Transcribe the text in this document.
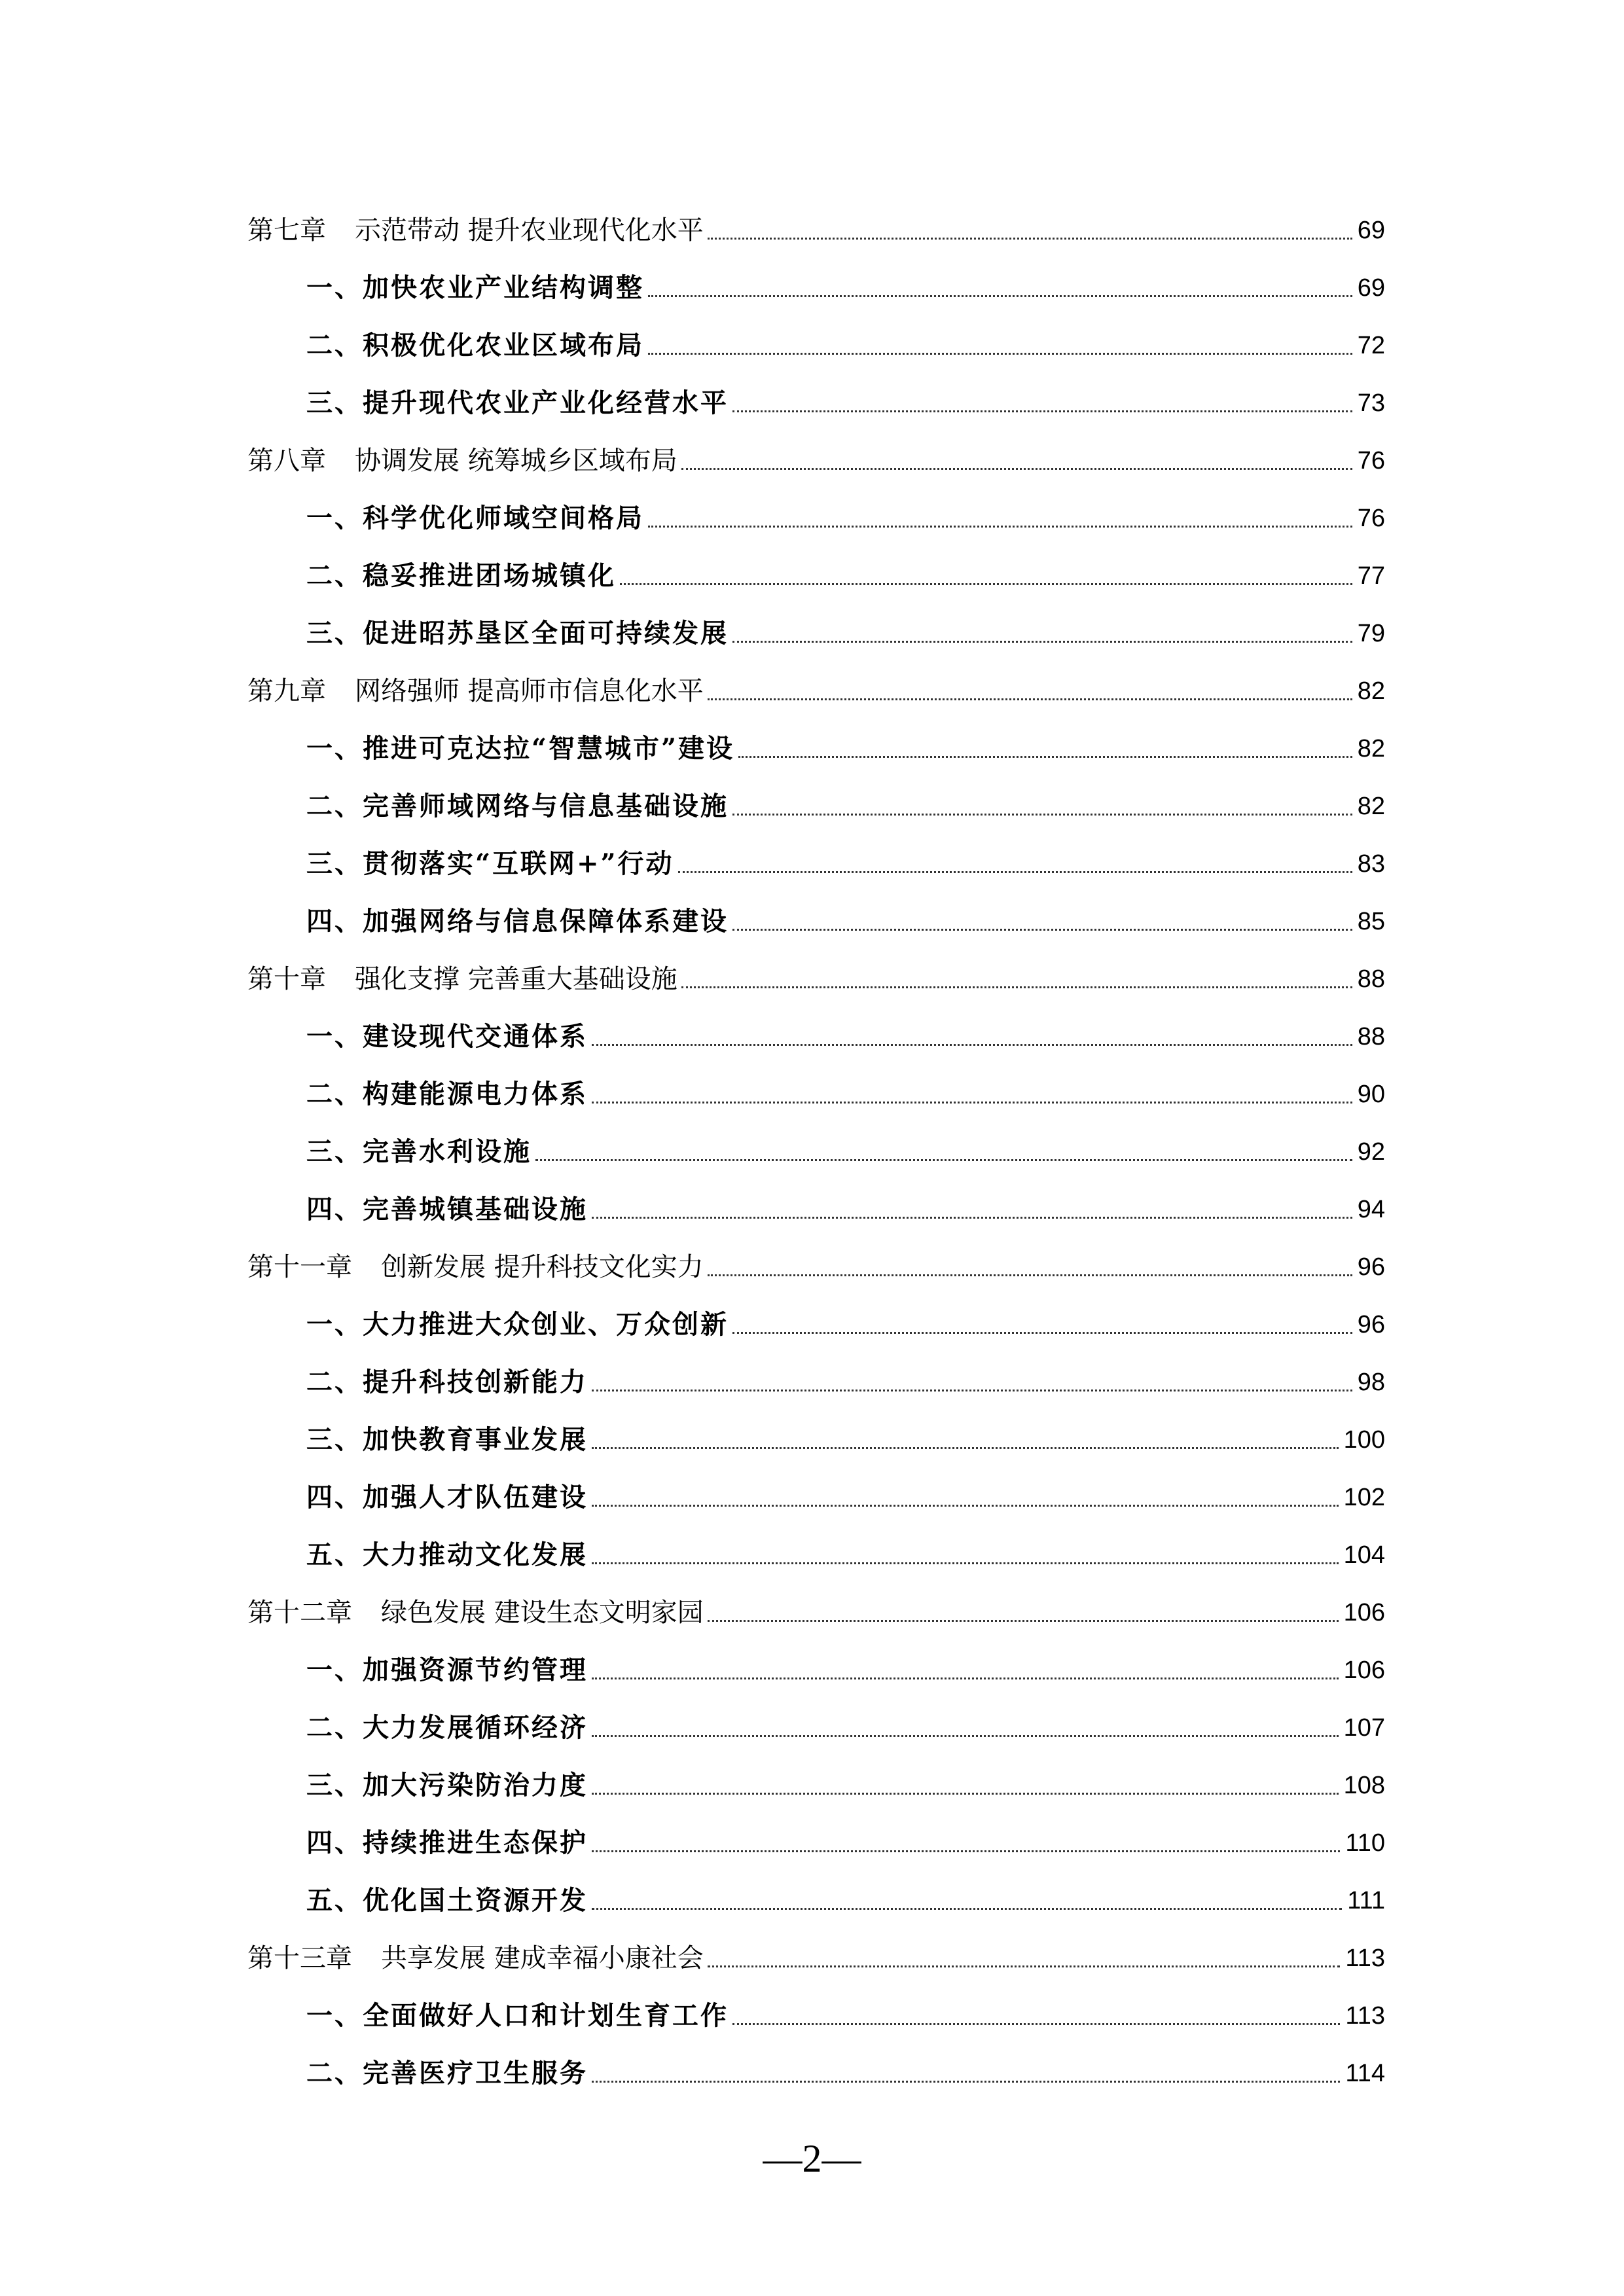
第七章 示范带动 提升农业现代化水平	69
一、加快农业产业结构调整	69
二、积极优化农业区域布局	72
三、提升现代农业产业化经营水平	73
第八章 协调发展 统筹城乡区域布局	76
一、科学优化师域空间格局	76
二、稳妥推进团场城镇化	77
三、促进昭苏垦区全面可持续发展	79
第九章 网络强师 提高师市信息化水平	82
一、推进可克达拉“智慧城市”建设	82
二、完善师域网络与信息基础设施	82
三、贯彻落实“互联网+”行动	83
四、加强网络与信息保障体系建设	85
第十章 强化支撑 完善重大基础设施	88
一、建设现代交通体系	88
二、构建能源电力体系	90
三、完善水利设施	92
四、完善城镇基础设施	94
第十一章 创新发展 提升科技文化实力	96
一、大力推进大众创业、万众创新	96
二、提升科技创新能力	98
三、加快教育事业发展	100
四、加强人才队伍建设	102
五、大力推动文化发展	104
第十二章 绿色发展 建设生态文明家园	106
一、加强资源节约管理	106
二、大力发展循环经济	107
三、加大污染防治力度	108
四、持续推进生态保护	110
五、优化国土资源开发	111
第十三章 共享发展 建成幸福小康社会	113
一、全面做好人口和计划生育工作	113
二、完善医疗卫生服务	114
—2—
